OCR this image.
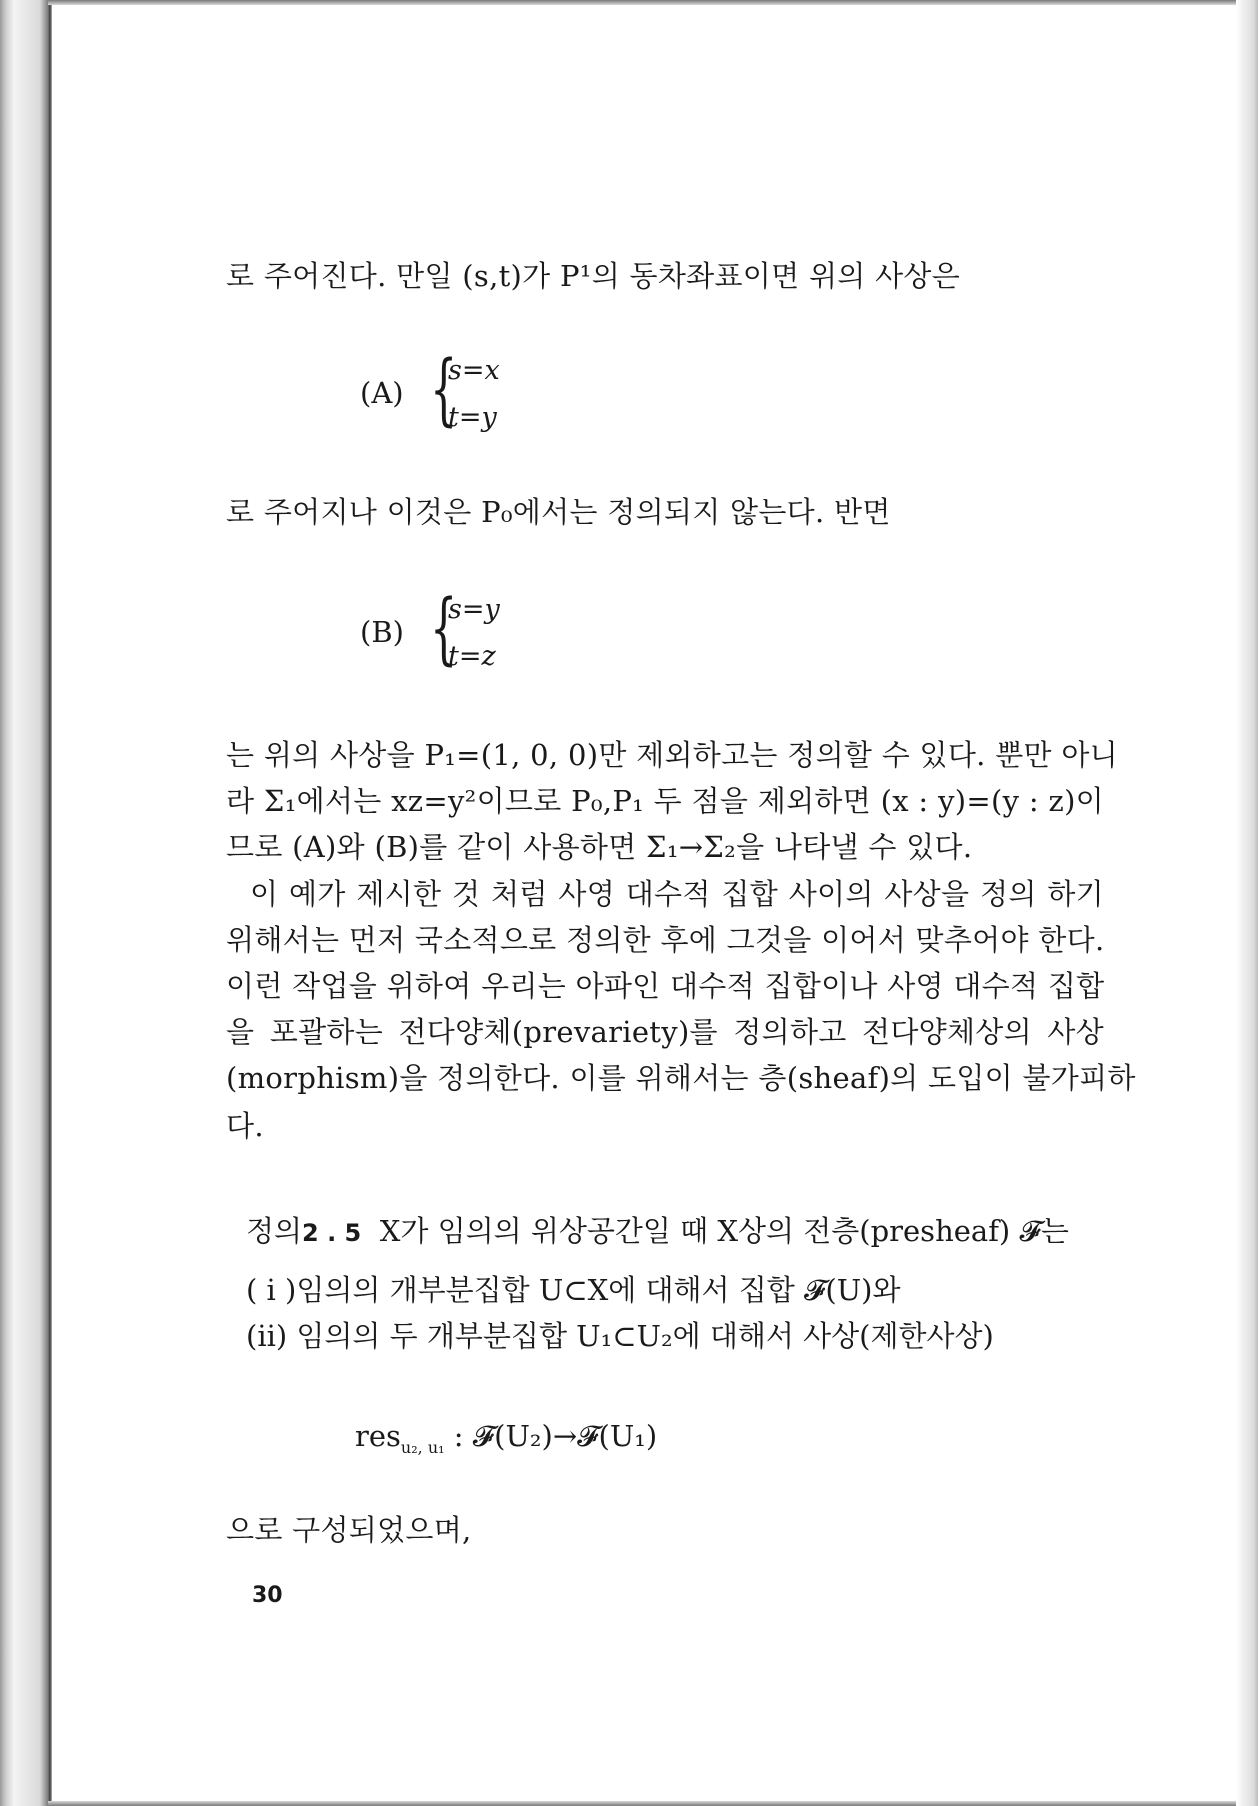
로 주어진다. 만일 (s,t)가 P¹의 동차좌표이면 위의 사상은
(A) {
s=x
t=y
로 주어지나 이것은 P₀에서는 정의되지 않는다. 반면
(B) {
s=y
t=z
는 위의 사상을 P₁=(1, 0, 0)만 제외하고는 정의할 수 있다. 뿐만 아니
라 Σ₁에서는 xz=y²이므로 P₀,P₁ 두 점을 제외하면 (x : y)=(y : z)이
므로 (A)와 (B)를 같이 사용하면 Σ₁→Σ₂을 나타낼 수 있다.
이 예가 제시한 것 처럼 사영 대수적 집합 사이의 사상을 정의 하기
위해서는 먼저 국소적으로 정의한 후에 그것을 이어서 맞추어야 한다.
이런 작업을 위하여 우리는 아파인 대수적 집합이나 사영 대수적 집합
을 포괄하는 전다양체(prevariety)를 정의하고 전다양체상의 사상
(morphism)을 정의한다. 이를 위해서는 층(sheaf)의 도입이 불가피하
다.
정의2 . 5 X가 임의의 위상공간일 때 X상의 전층(presheaf) 𝓕는
( i )임의의 개부분집합 U⊂X에 대해서 집합 𝓕(U)와
(ii) 임의의 두 개부분집합 U₁⊂U₂에 대해서 사상(제한사상)
res$_{u_2, u_1}$ : 𝓕(U₂)→𝓕(U₁)
으로 구성되었으며,
30
